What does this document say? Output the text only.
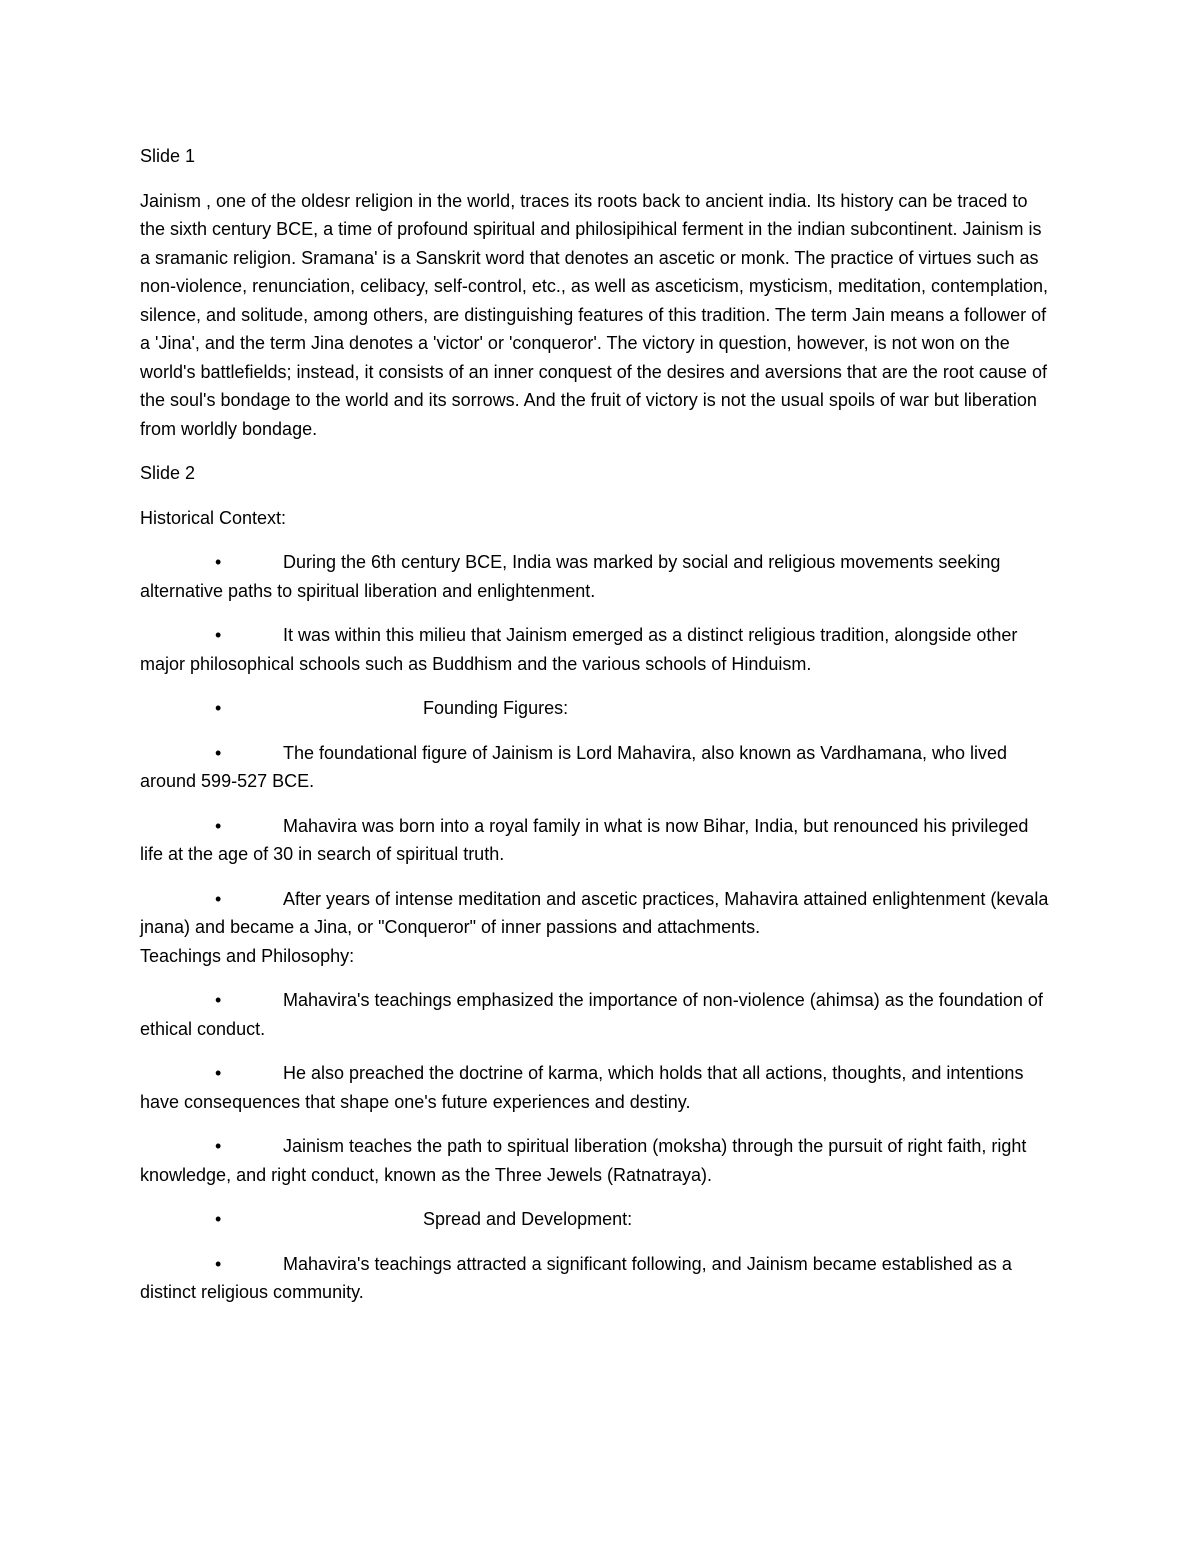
Slide 1

Jainism , one of the oldesr religion in the world, traces its roots back to ancient india. Its history can be traced to the sixth century BCE, a time of profound spiritual and philosipihical ferment in the indian subcontinent. Jainism is a sramanic religion. Sramana' is a Sanskrit word that denotes an ascetic or monk. The practice of virtues such as non-violence, renunciation, celibacy, self-control, etc., as well as asceticism, mysticism, meditation, contemplation, silence, and solitude, among others, are distinguishing features of this tradition. The term Jain means a follower of a 'Jina', and the term Jina denotes a 'victor' or 'conqueror'. The victory in question, however, is not won on the world's battlefields; instead, it consists of an inner conquest of the desires and aversions that are the root cause of the soul's bondage to the world and its sorrows. And the fruit of victory is not the usual spoils of war but liberation from worldly bondage.

Slide 2

Historical Context:

•	During the 6th century BCE, India was marked by social and religious movements seeking alternative paths to spiritual liberation and enlightenment.

•	It was within this milieu that Jainism emerged as a distinct religious tradition, alongside other major philosophical schools such as Buddhism and the various schools of Hinduism.

•	Founding Figures:

•	The foundational figure of Jainism is Lord Mahavira, also known as Vardhamana, who lived around 599-527 BCE.

•	Mahavira was born into a royal family in what is now Bihar, India, but renounced his privileged life at the age of 30 in search of spiritual truth.

•	After years of intense meditation and ascetic practices, Mahavira attained enlightenment (kevala jnana) and became a Jina, or "Conqueror" of inner passions and attachments.
Teachings and Philosophy:

•	Mahavira's teachings emphasized the importance of non-violence (ahimsa) as the foundation of ethical conduct.

•	He also preached the doctrine of karma, which holds that all actions, thoughts, and intentions have consequences that shape one's future experiences and destiny.

•	Jainism teaches the path to spiritual liberation (moksha) through the pursuit of right faith, right knowledge, and right conduct, known as the Three Jewels (Ratnatraya).

•	Spread and Development:

•	Mahavira's teachings attracted a significant following, and Jainism became established as a distinct religious community.
